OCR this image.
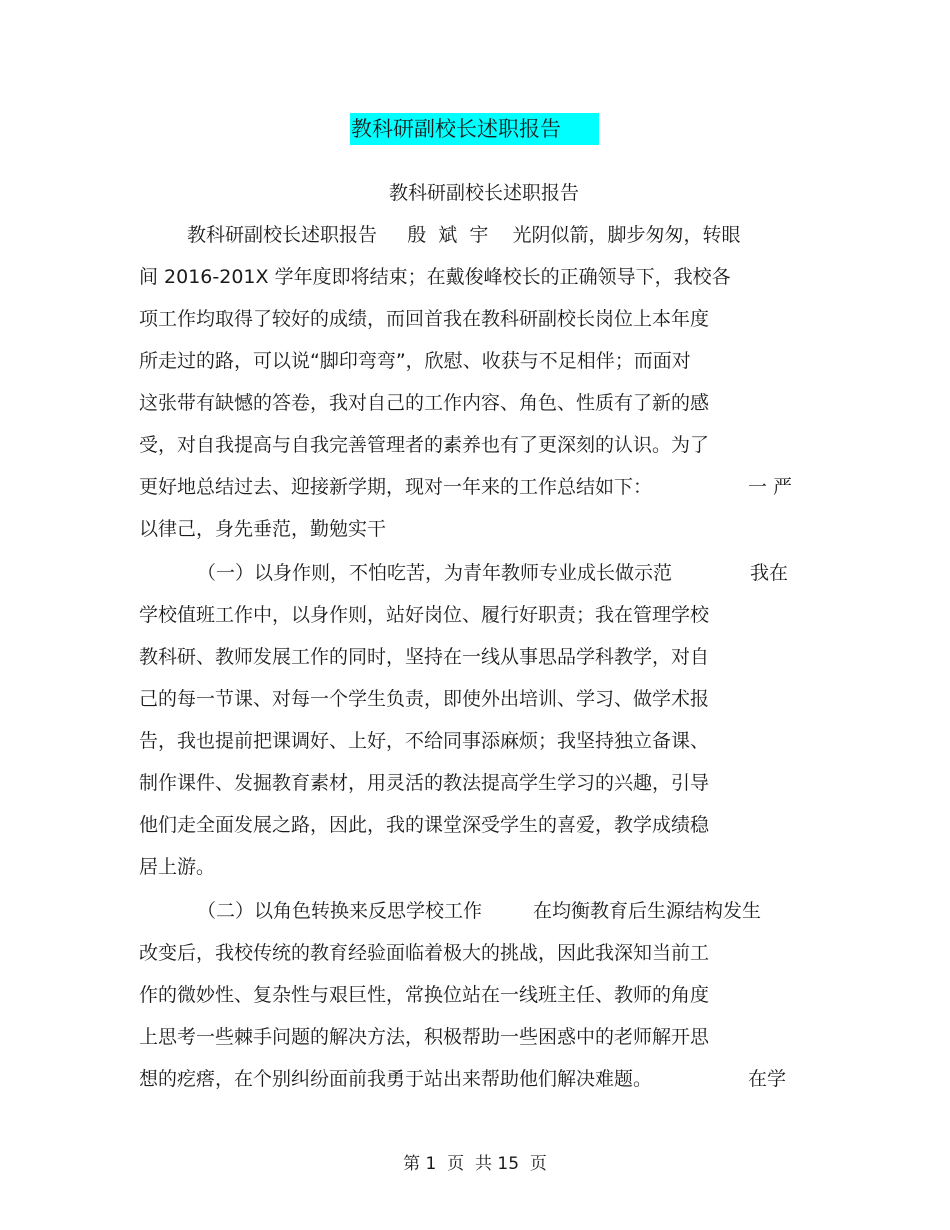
教科研副校长述职报告
教科研副校长述职报告
教科研副校长述职报告     殷  斌  宇    光阴似箭，脚步匆匆，转眼
间 2016-201X 学年度即将结束；在戴俊峰校长的正确领导下，我校各
项工作均取得了较好的成绩，而回首我在教科研副校长岗位上本年度
所走过的路，可以说“脚印弯弯”，欣慰、收获与不足相伴；而面对
这张带有缺憾的答卷，我对自己的工作内容、角色、性质有了新的感
受，对自我提高与自我完善管理者的素养也有了更深刻的认识。为了
更好地总结过去、迎接新学期，现对一年来的工作总结如下：	一 严
以律己，身先垂范，勤勉实干
（一）以身作则，不怕吃苦，为青年教师专业成长做示范	我在
学校值班工作中，以身作则，站好岗位、履行好职责；我在管理学校
教科研、教师发展工作的同时，坚持在一线从事思品学科教学，对自
己的每一节课、对每一个学生负责，即使外出培训、学习、做学术报
告，我也提前把课调好、上好，不给同事添麻烦；我坚持独立备课、
制作课件、发掘教育素材，用灵活的教法提高学生学习的兴趣，引导
他们走全面发展之路，因此，我的课堂深受学生的喜爱，教学成绩稳
居上游。
（二）以角色转换来反思学校工作	在均衡教育后生源结构发生
改变后，我校传统的教育经验面临着极大的挑战，因此我深知当前工
作的微妙性、复杂性与艰巨性，常换位站在一线班主任、教师的角度
上思考一些棘手问题的解决方法，积极帮助一些困惑中的老师解开思
想的疙瘩，在个别纠纷面前我勇于站出来帮助他们解决难题。	在学
第 1  页  共 15  页
